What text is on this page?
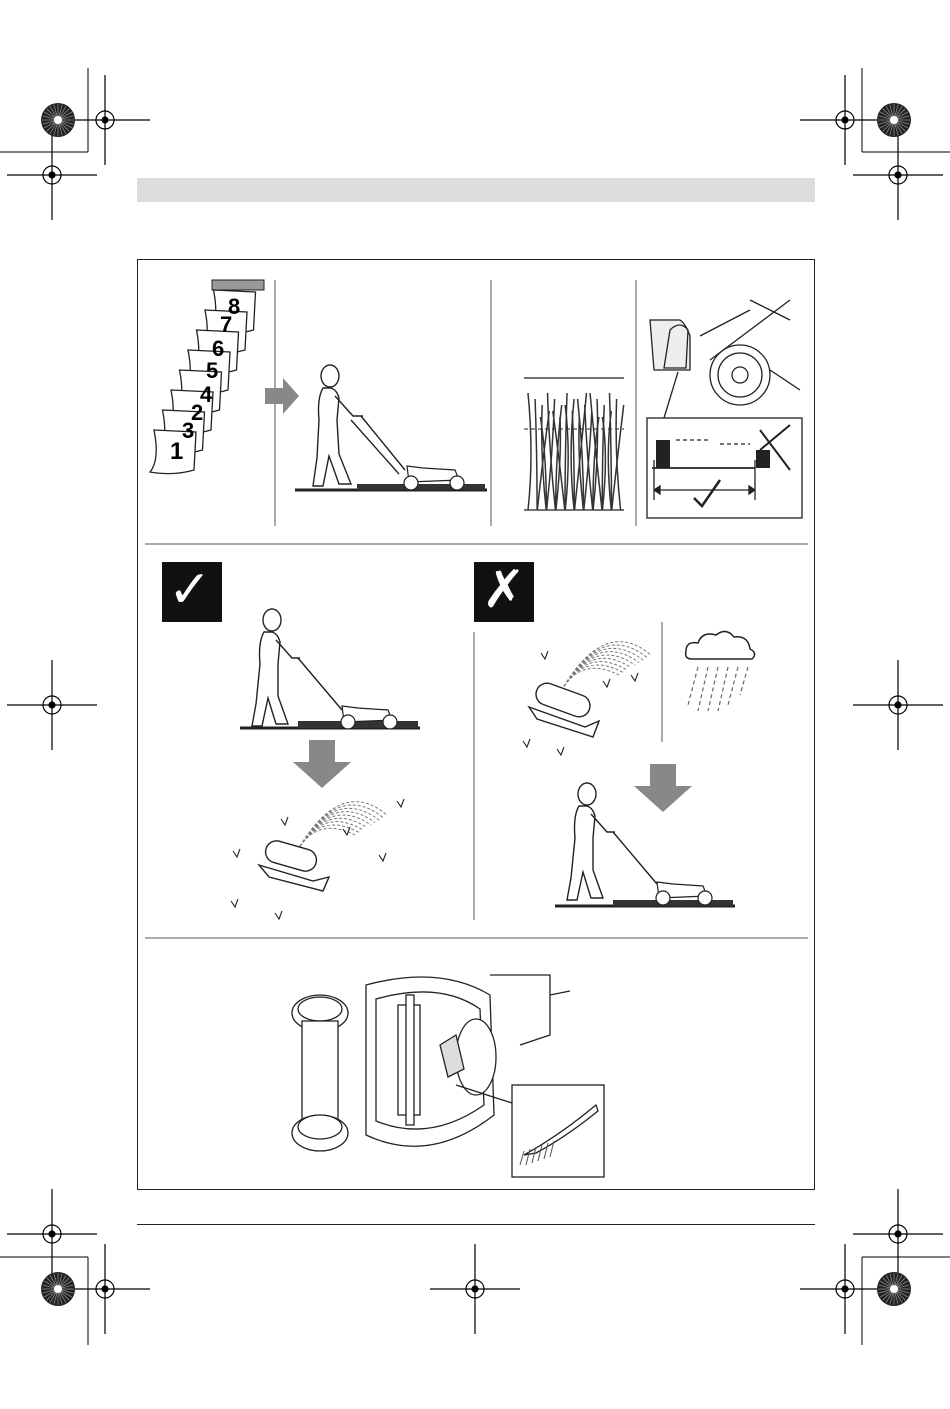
1
2
3
4
5
6
7
8
✓	✗
